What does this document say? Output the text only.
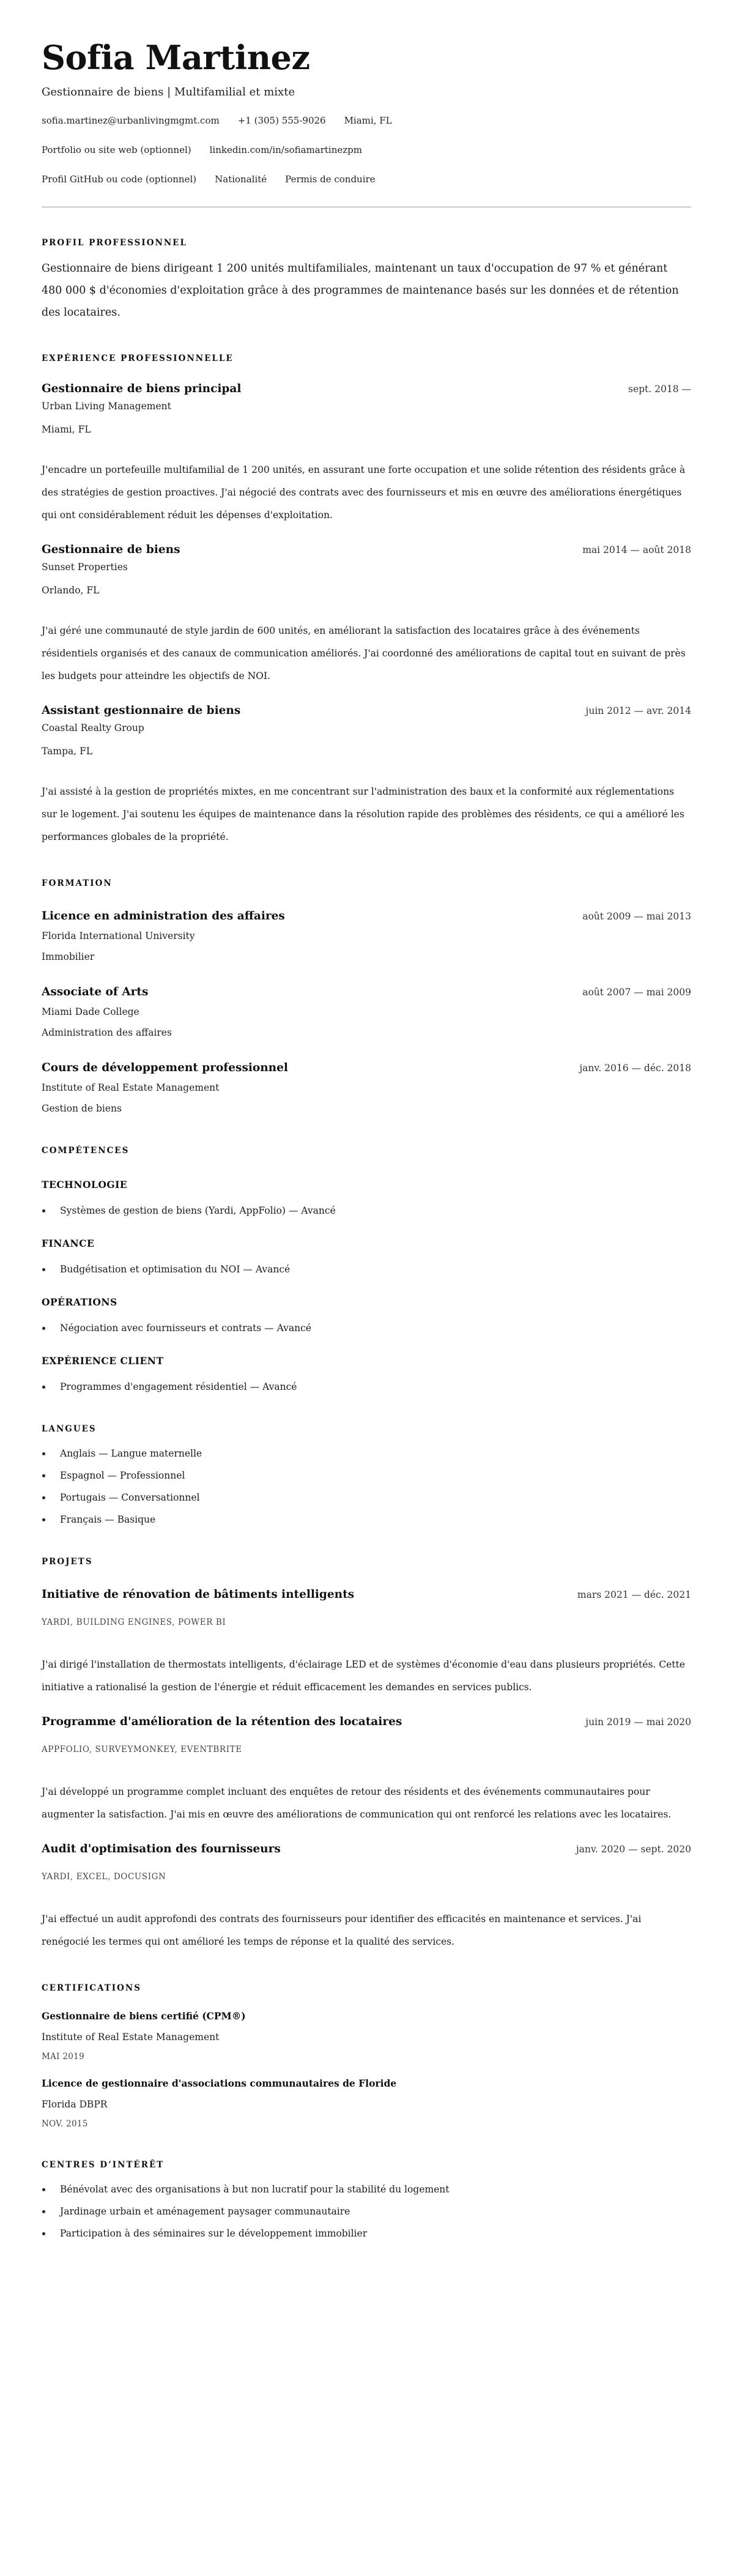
Sofia Martinez
Gestionnaire de biens | Multifamilial et mixte
sofia.martinez@urbanlivingmgmt.com +1 (305) 555-9026 Miami, FL
Portfolio ou site web (optionnel) linkedin.com/in/sofiamartinezpm
Profil GitHub ou code (optionnel) Nationalité Permis de conduire
PROFIL PROFESSIONNEL

Gestionnaire de biens dirigeant 1 200 unités multifamiliales, maintenant un taux d'occupation de 97 % et générant 480 000 $ d'économies d'exploitation grâce à des programmes de maintenance basés sur les données et de rétention des locataires.

EXPÉRIENCE PROFESSIONNELLE
Gestionnaire de biens principal	sept. 2018 —
Urban Living Management
Miami, FL

J'encadre un portefeuille multifamilial de 1 200 unités, en assurant une forte occupation et une solide rétention des résidents grâce à des stratégies de gestion proactives. J'ai négocié des contrats avec des fournisseurs et mis en œuvre des améliorations énergétiques qui ont considérablement réduit les dépenses d'exploitation.

Gestionnaire de biens	mai 2014 — août 2018
Sunset Properties
Orlando, FL

J'ai géré une communauté de style jardin de 600 unités, en améliorant la satisfaction des locataires grâce à des événements résidentiels organisés et des canaux de communication améliorés. J'ai coordonné des améliorations de capital tout en suivant de près les budgets pour atteindre les objectifs de NOI.

Assistant gestionnaire de biens	juin 2012 — avr. 2014
Coastal Realty Group
Tampa, FL

J'ai assisté à la gestion de propriétés mixtes, en me concentrant sur l'administration des baux et la conformité aux réglementations sur le logement. J'ai soutenu les équipes de maintenance dans la résolution rapide des problèmes des résidents, ce qui a amélioré les performances globales de la propriété.

FORMATION
Licence en administration des affaires	août 2009 — mai 2013
Florida International University
Immobilier
Associate of Arts	août 2007 — mai 2009
Miami Dade College
Administration des affaires
Cours de développement professionnel	janv. 2016 — déc. 2018
Institute of Real Estate Management
Gestion de biens
COMPÉTENCES
TECHNOLOGIE
Systèmes de gestion de biens (Yardi, AppFolio) — Avancé
FINANCE
Budgétisation et optimisation du NOI — Avancé
OPÉRATIONS
Négociation avec fournisseurs et contrats — Avancé
EXPÉRIENCE CLIENT
Programmes d'engagement résidentiel — Avancé
LANGUES
Anglais — Langue maternelle
Espagnol — Professionnel
Portugais — Conversationnel
Français — Basique
PROJETS
Initiative de rénovation de bâtiments intelligents	mars 2021 — déc. 2021
YARDI, BUILDING ENGINES, POWER BI

J'ai dirigé l'installation de thermostats intelligents, d'éclairage LED et de systèmes d'économie d'eau dans plusieurs propriétés. Cette initiative a rationalisé la gestion de l'énergie et réduit efficacement les demandes en services publics.

Programme d'amélioration de la rétention des locataires	juin 2019 — mai 2020
APPFOLIO, SURVEYMONKEY, EVENTBRITE

J'ai développé un programme complet incluant des enquêtes de retour des résidents et des événements communautaires pour augmenter la satisfaction. J'ai mis en œuvre des améliorations de communication qui ont renforcé les relations avec les locataires.

Audit d'optimisation des fournisseurs	janv. 2020 — sept. 2020
YARDI, EXCEL, DOCUSIGN

J'ai effectué un audit approfondi des contrats des fournisseurs pour identifier des efficacités en maintenance et services. J'ai renégocié les termes qui ont amélioré les temps de réponse et la qualité des services.

CERTIFICATIONS
Gestionnaire de biens certifié (CPM®)
Institute of Real Estate Management
MAI 2019
Licence de gestionnaire d'associations communautaires de Floride
Florida DBPR
NOV. 2015
CENTRES D’INTÉRÊT
Bénévolat avec des organisations à but non lucratif pour la stabilité du logement
Jardinage urbain et aménagement paysager communautaire
Participation à des séminaires sur le développement immobilier
